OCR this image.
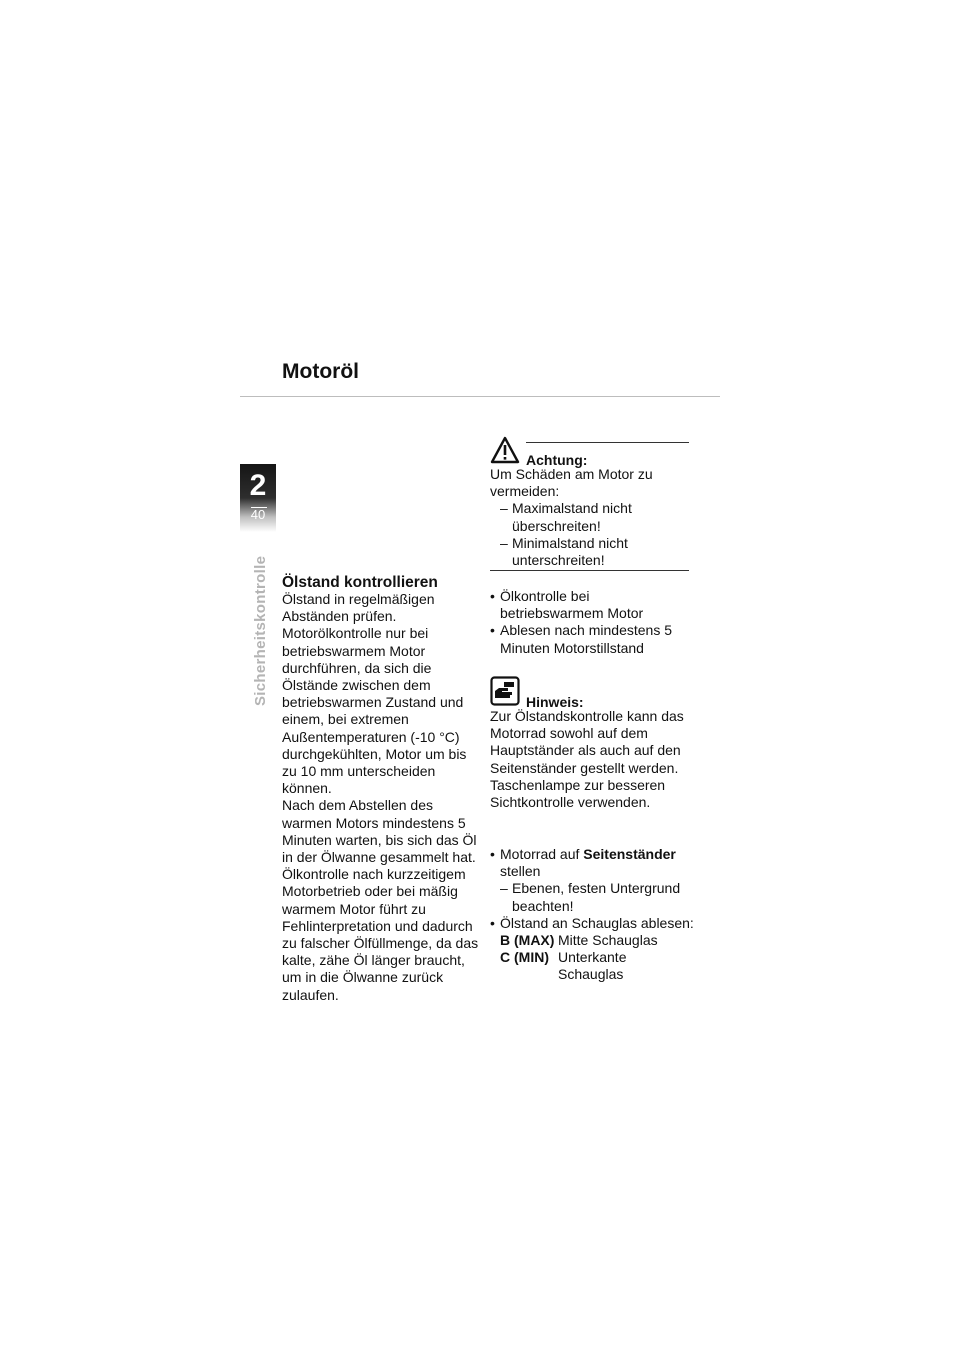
Motoröl
2
40
Sicherheitskontrolle Ölstand kontrollieren

Ölstand in regelmäßigen Abständen prüfen.

Motorölkontrolle nur bei betriebswarmem Motor durchführen, da sich die Ölstände zwischen dem betriebswarmen Zustand und einem, bei extremen Außentemperaturen (-10 °C) durchgekühlten, Motor um bis zu 10 mm unterscheiden können.

Nach dem Abstellen des warmen Motors mindestens 5 Minuten warten, bis sich das Öl in der Ölwanne gesammelt hat.

Ölkontrolle nach kurzzeitigem Motorbetrieb oder bei mäßig warmem Motor führt zu Fehlinterpretation und dadurch zu falscher Ölfüllmenge, da das kalte, zähe Öl länger braucht, um in die Ölwanne zurück zulaufen.

Achtung:

Um Schäden am Motor zu vermeiden:

– Maximalstand nicht überschreiten!

– Minimalstand nicht unterschreiten!

• Ölkontrolle bei betriebswarmem Motor

• Ablesen nach mindestens 5 Minuten Motorstillstand

Hinweis:

Zur Ölstandskontrolle kann das Motorrad sowohl auf dem Hauptständer als auch auf den Seitenständer gestellt werden. Taschenlampe zur besseren Sichtkontrolle verwenden.

• Motorrad auf Seitenständer stellen

– Ebenen, festen Untergrund beachten!

• Ölstand an Schauglas ablesen:

B (MAX) Mitte Schauglas
C (MIN) Unterkante Schauglas
